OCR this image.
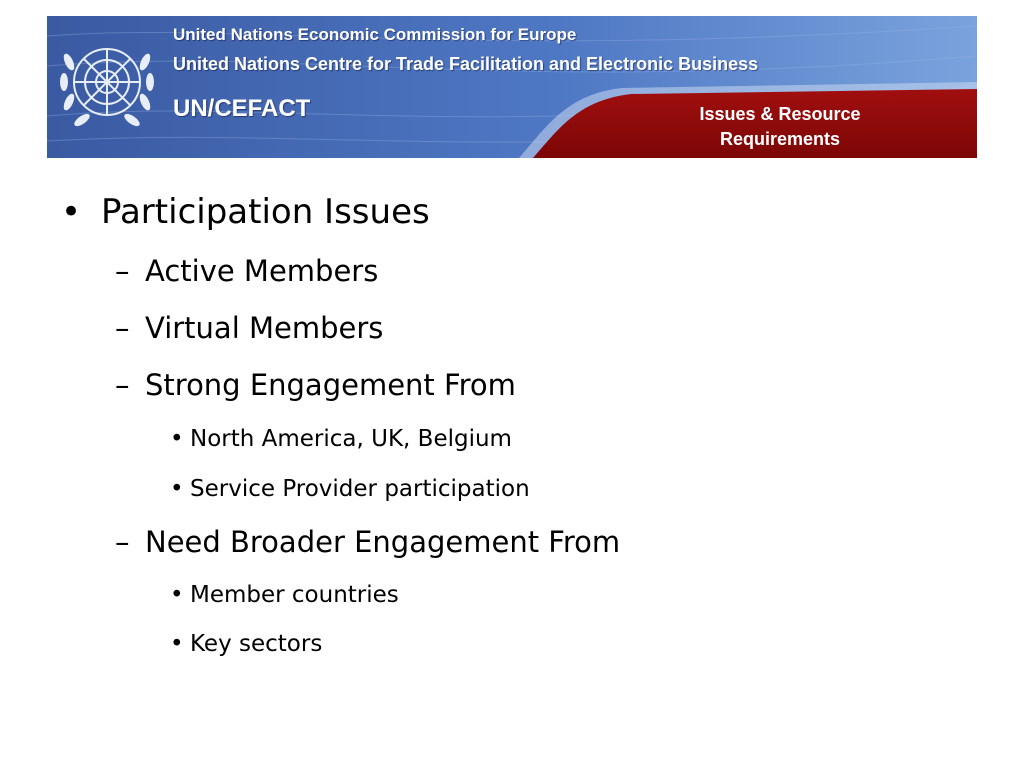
United Nations Economic Commission for Europe
United Nations Centre for Trade Facilitation and Electronic Business
UN/CEFACT	Issues & Resource Requirements
• Participation Issues
– Active Members
– Virtual Members
– Strong Engagement From
• North America, UK, Belgium
• Service Provider participation
– Need Broader Engagement From
• Member countries
• Key sectors
